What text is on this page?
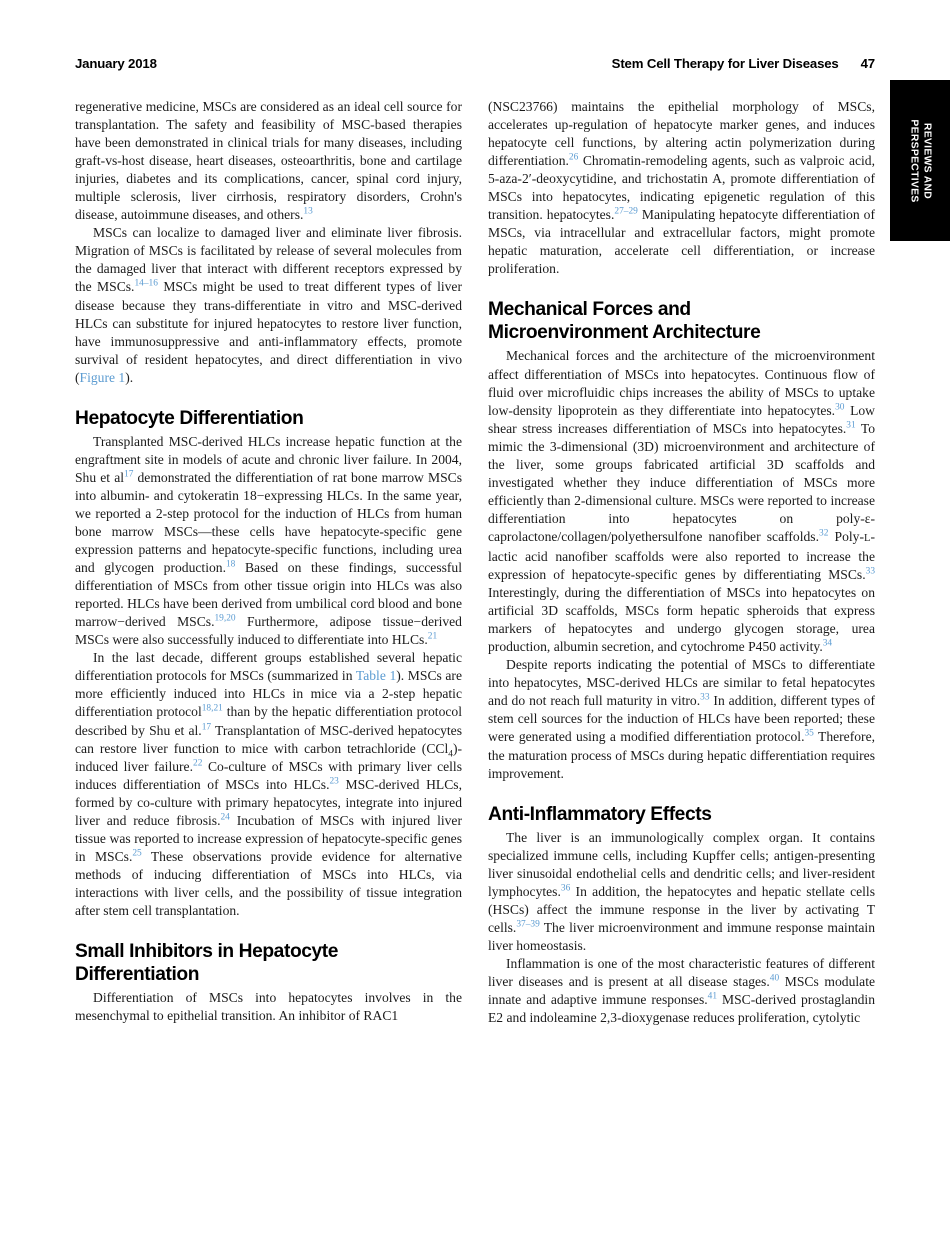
January 2018	Stem Cell Therapy for Liver Diseases 47
REVIEWS AND
PERSPECTIVES

regenerative medicine, MSCs are considered as an ideal cell source for transplantation. The safety and feasibility of MSC-based therapies have been demonstrated in clinical trials for many diseases, including graft-vs-host disease, heart diseases, osteoarthritis, bone and cartilage injuries, diabetes and its complications, cancer, spinal cord injury, multiple sclerosis, liver cirrhosis, respiratory disorders, Crohn's disease, autoimmune diseases, and others.$^{13}$

MSCs can localize to damaged liver and eliminate liver fibrosis. Migration of MSCs is facilitated by release of several molecules from the damaged liver that interact with different receptors expressed by the MSCs.$^{14-16}$ MSCs might be used to treat different types of liver disease because they trans-differentiate in vitro and MSC-derived HLCs can substitute for injured hepatocytes to restore liver function, have immunosuppressive and anti-inflammatory effects, promote survival of resident hepatocytes, and direct differentiation in vivo (Figure 1).

Hepatocyte Differentiation

Transplanted MSC-derived HLCs increase hepatic function at the engraftment site in models of acute and chronic liver failure. In 2004, Shu et al$^{17}$ demonstrated the differentiation of rat bone marrow MSCs into albumin- and cytokeratin 18−expressing HLCs. In the same year, we reported a 2-step protocol for the induction of HLCs from human bone marrow MSCs—these cells have hepatocyte-specific gene expression patterns and hepatocyte-specific functions, including urea and glycogen production.$^{18}$ Based on these findings, successful differentiation of MSCs from other tissue origin into HLCs was also reported. HLCs have been derived from umbilical cord blood and bone marrow−derived MSCs.$^{19,20}$ Furthermore, adipose tissue−derived MSCs were also successfully induced to differentiate into HLCs.$^{21}$

In the last decade, different groups established several hepatic differentiation protocols for MSCs (summarized in Table 1). MSCs are more efficiently induced into HLCs in mice via a 2-step hepatic differentiation protocol$^{18,21}$ than by the hepatic differentiation protocol described by Shu et al.$^{17}$ Transplantation of MSC-derived hepatocytes can restore liver function to mice with carbon tetrachloride (CCl$_4$)-induced liver failure.$^{22}$ Co-culture of MSCs with primary liver cells induces differentiation of MSCs into HLCs.$^{23}$ MSC-derived HLCs, formed by co-culture with primary hepatocytes, integrate into injured liver and reduce fibrosis.$^{24}$ Incubation of MSCs with injured liver tissue was reported to increase expression of hepatocyte-specific genes in MSCs.$^{25}$ These observations provide evidence for alternative methods of inducing differentiation of MSCs into HLCs, via interactions with liver cells, and the possibility of tissue integration after stem cell transplantation.

Small Inhibitors in Hepatocyte
Differentiation

Differentiation of MSCs into hepatocytes involves in the mesenchymal to epithelial transition. An inhibitor of RAC1

(NSC23766) maintains the epithelial morphology of MSCs, accelerates up-regulation of hepatocyte marker genes, and induces hepatocyte cell functions, by altering actin polymerization during differentiation.$^{26}$ Chromatin-remodeling agents, such as valproic acid, 5-aza-2′-deoxycytidine, and trichostatin A, promote differentiation of MSCs into hepatocytes, indicating epigenetic regulation of this transition. hepatocytes.$^{27-29}$ Manipulating hepatocyte differentiation of MSCs, via intracellular and extracellular factors, might promote hepatic maturation, accelerate cell differentiation, or increase proliferation.

Mechanical Forces and
Microenvironment Architecture

Mechanical forces and the architecture of the microenvironment affect differentiation of MSCs into hepatocytes. Continuous flow of fluid over microfluidic chips increases the ability of MSCs to uptake low-density lipoprotein as they differentiate into hepatocytes.$^{30}$ Low shear stress increases differentiation of MSCs into hepatocytes.$^{31}$ To mimic the 3-dimensional (3D) microenvironment and architecture of the liver, some groups fabricated artificial 3D scaffolds and investigated whether they induce differentiation of MSCs more efficiently than 2-dimensional culture. MSCs were reported to increase differentiation into hepatocytes on poly-ε-caprolactone/collagen/polyethersulfone nanofiber scaffolds.$^{32}$ Poly-L-lactic acid nanofiber scaffolds were also reported to increase the expression of hepatocyte-specific genes by differentiating MSCs.$^{33}$ Interestingly, during the differentiation of MSCs into hepatocytes on artificial 3D scaffolds, MSCs form hepatic spheroids that express markers of hepatocytes and undergo glycogen storage, urea production, albumin secretion, and cytochrome P450 activity.$^{34}$

Despite reports indicating the potential of MSCs to differentiate into hepatocytes, MSC-derived HLCs are similar to fetal hepatocytes and do not reach full maturity in vitro.$^{33}$ In addition, different types of stem cell sources for the induction of HLCs have been reported; these were generated using a modified differentiation protocol.$^{35}$ Therefore, the maturation process of MSCs during hepatic differentiation requires improvement.

Anti-Inflammatory Effects

The liver is an immunologically complex organ. It contains specialized immune cells, including Kupffer cells; antigen-presenting liver sinusoidal endothelial cells and dendritic cells; and liver-resident lymphocytes.$^{36}$ In addition, the hepatocytes and hepatic stellate cells (HSCs) affect the immune response in the liver by activating T cells.$^{37-39}$ The liver microenvironment and immune response maintain liver homeostasis.

Inflammation is one of the most characteristic features of different liver diseases and is present at all disease stages.$^{40}$ MSCs modulate innate and adaptive immune responses.$^{41}$ MSC-derived prostaglandin E2 and indoleamine 2,3-dioxygenase reduces proliferation, cytolytic
